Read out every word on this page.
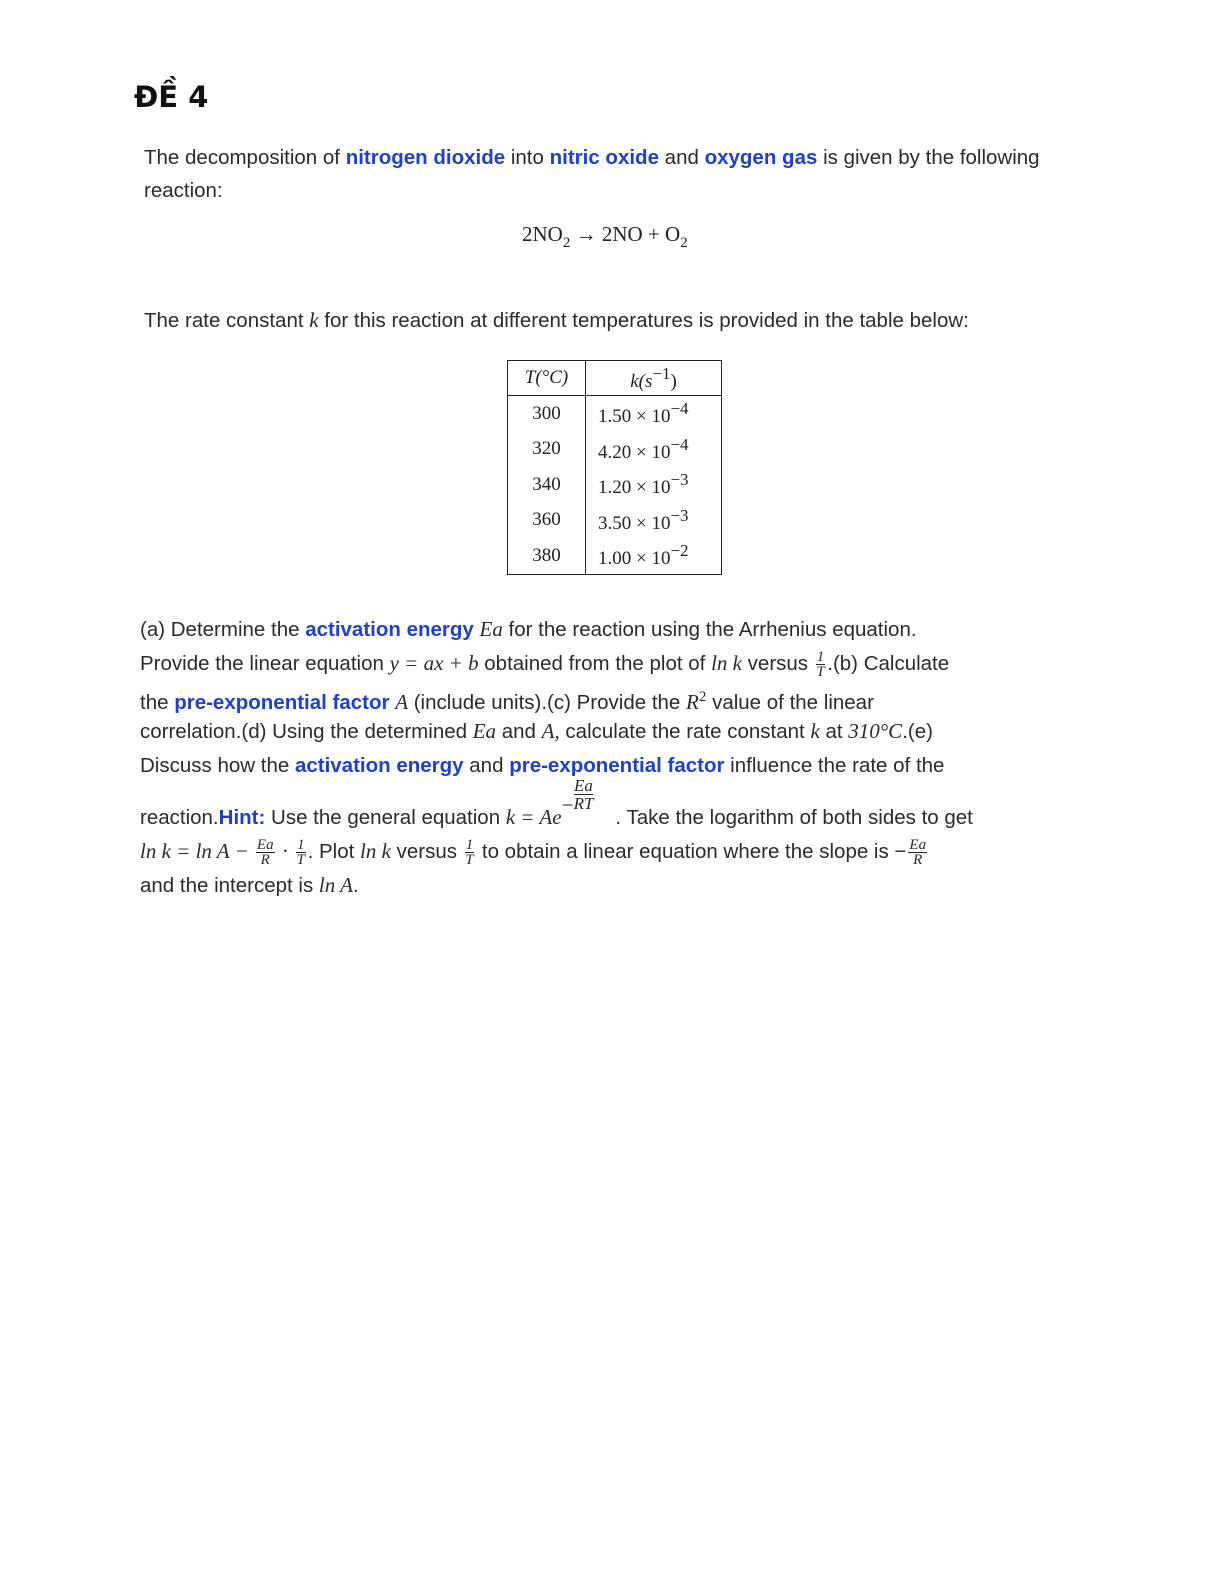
ĐỀ 4
The decomposition of nitrogen dioxide into nitric oxide and oxygen gas is given by the following reaction:
$2NO_2 \to 2NO + O_2$
The rate constant k for this reaction at different temperatures is provided in the table below:
T(°C)	$k(s^{-1})$
300	$1.50 \times 10^{-4}$
320	$4.20 \times 10^{-4}$
340	$1.20 \times 10^{-3}$
360	$3.50 \times 10^{-3}$
380	$1.00 \times 10^{-2}$
(a) Determine the activation energy Ea for the reaction using the Arrhenius equation.
Provide the linear equation y = ax + b obtained from the plot of ln k versus $\frac{1}{T} .(b)$ Calculate
the pre-exponential factor A (include units).(c) Provide the $R^2$ value of the linear
correlation.(d) Using the determined Ea and A, calculate the rate constant k at 310°C.(e)
Discuss how the activation energy and pre-exponential factor influence the rate of the
reaction.Hint: Use the general equation $k = Ae- \frac{Ea}{RT}$
. Take the logarithm of both sides to get
$\ln k = \ln A - \frac{Ea}{R} \cdot \frac{1}{T}$ . Plot ln k versus $\frac{1}{T}$ to obtain a linear equation where the slope is − $\frac{Ea}{R}$
and the intercept is ln A.
